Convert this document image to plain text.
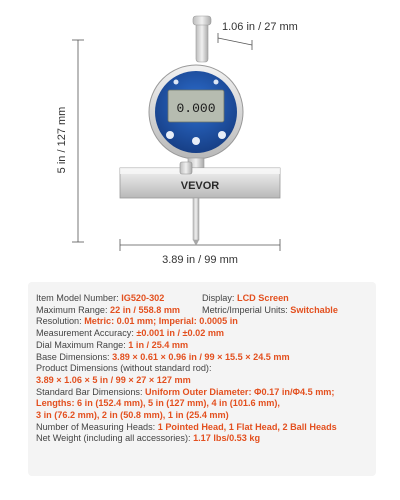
0.000
VEVOR
1.06 in / 27 mm
5 in / 127 mm
3.89 in / 99 mm
Item Model Number: IG520-302	Display: LCD Screen
Maximum Range: 22 in / 558.8 mm	Metric/Imperial Units: Switchable
Resolution: Metric: 0.01 mm; Imperial: 0.0005 in
Measurement Accuracy: ±0.001 in / ±0.02 mm
Dial Maximum Range: 1 in / 25.4 mm
Base Dimensions: 3.89 × 0.61 × 0.96 in / 99 × 15.5 × 24.5 mm
Product Dimensions (without standard rod):
3.89 × 1.06 × 5 in / 99 × 27 × 127 mm
Standard Bar Dimensions: Uniform Outer Diameter: Φ0.17 in/Φ4.5 mm;
Lengths: 6 in (152.4 mm), 5 in (127 mm), 4 in (101.6 mm),
3 in (76.2 mm), 2 in (50.8 mm), 1 in (25.4 mm)
Number of Measuring Heads: 1 Pointed Head, 1 Flat Head, 2 Ball Heads
Net Weight (including all accessories): 1.17 lbs/0.53 kg
